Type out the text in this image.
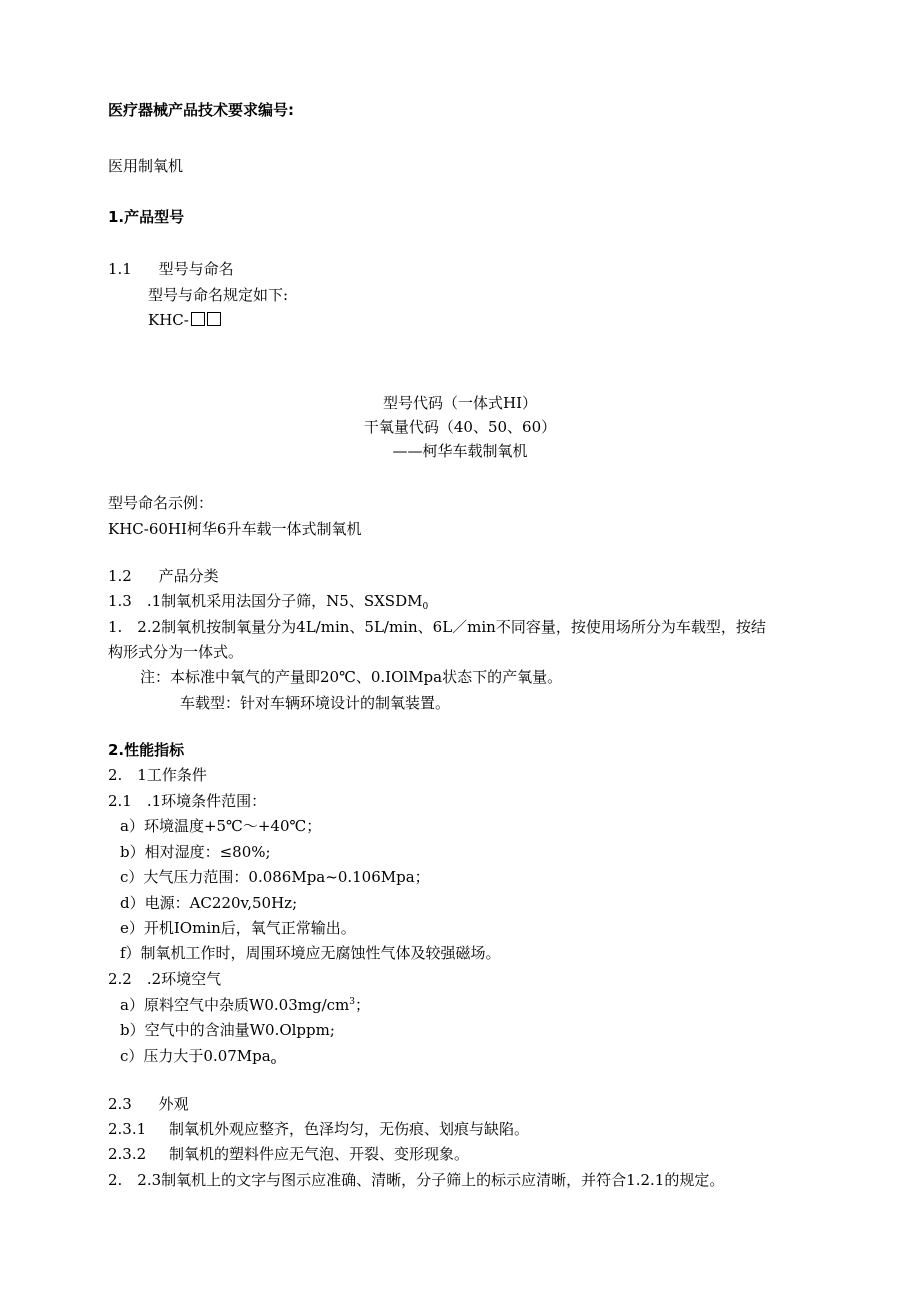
医疗器械产品技术要求编号:
医用制氧机
1.产品型号
1.1 型号与命名
型号与命名规定如下:
KHC-
型号代码（一体式HI）
干氧量代码（40、50、60）
——柯华车载制氧机
型号命名示例：
KHC-60HI柯华6升车载一体式制氧机
1.2 产品分类
1.3　.1制氧机采用法国分子筛，N5、$SXSDM_0$
1.　2.2制氧机按制氧量分为4L/min、5L/min、6L／min不同容量，按使用场所分为车载型，按结
构形式分为一体式。
注：本标准中氧气的产量即20℃、0.IOlMpa状态下的产氧量。
车载型：针对车辆环境设计的制氧装置。
2.性能指标
2.　1工作条件
2.1　.1环境条件范围：
a）环境温度+5℃～+40℃；
b）相对湿度：≤80%;
c）大气压力范围：0.086Mpa~0.106Mpa；
d）电源：AC220v,50Hz;
e）开机IOmin后，氧气正常输出。
f）制氧机工作时，周围环境应无腐蚀性气体及较强磁场。
2.2　.2环境空气
a）原料空气中杂质$W0.03mg/cm^3$；
b）空气中的含油量W0.Olppm;
c）压力大于0.07Mpa$_o$
2.3 外观
2.3.1 制氧机外观应整齐，色泽均匀，无伤痕、划痕与缺陷。
2.3.2 制氧机的塑料件应无气泡、开裂、变形现象。
2.　2.3制氧机上的文字与图示应准确、清晰，分子筛上的标示应清晰，并符合1.2.1的规定。
